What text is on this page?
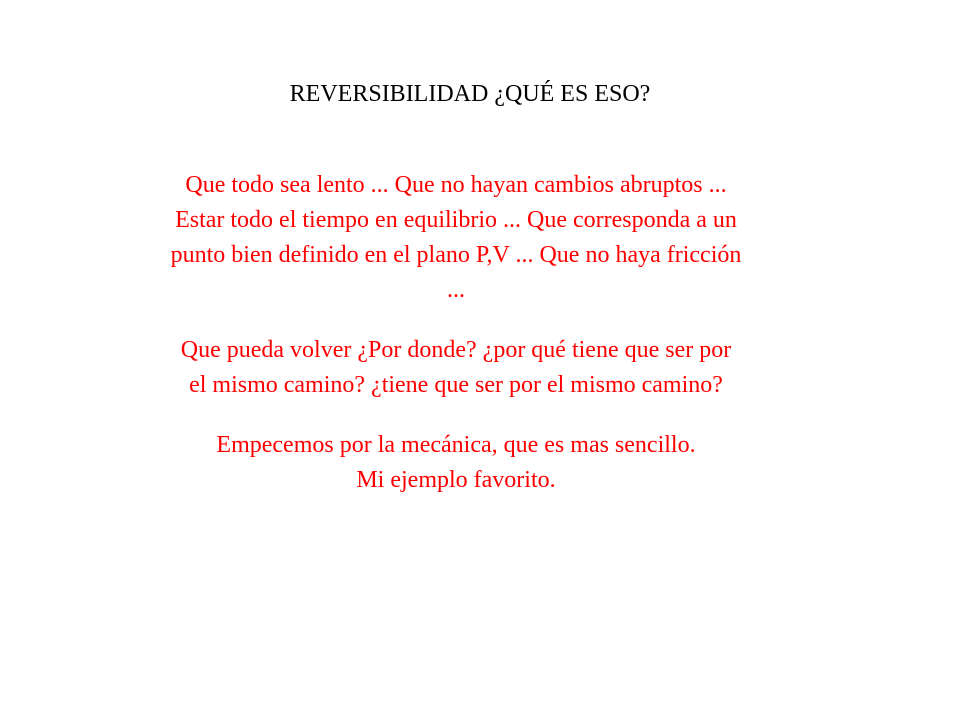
REVERSIBILIDAD ¿QUÉ ES ESO?

Que todo sea lento ... Que no hayan cambios abruptos ...
Estar todo el tiempo en equilibrio ... Que corresponda a un
punto bien definido en el plano P,V ... Que no haya fricción
...

Que pueda volver ¿Por donde? ¿por qué tiene que ser por
el mismo camino? ¿tiene que ser por el mismo camino?

Empecemos por la mecánica, que es mas sencillo.
Mi ejemplo favorito.
